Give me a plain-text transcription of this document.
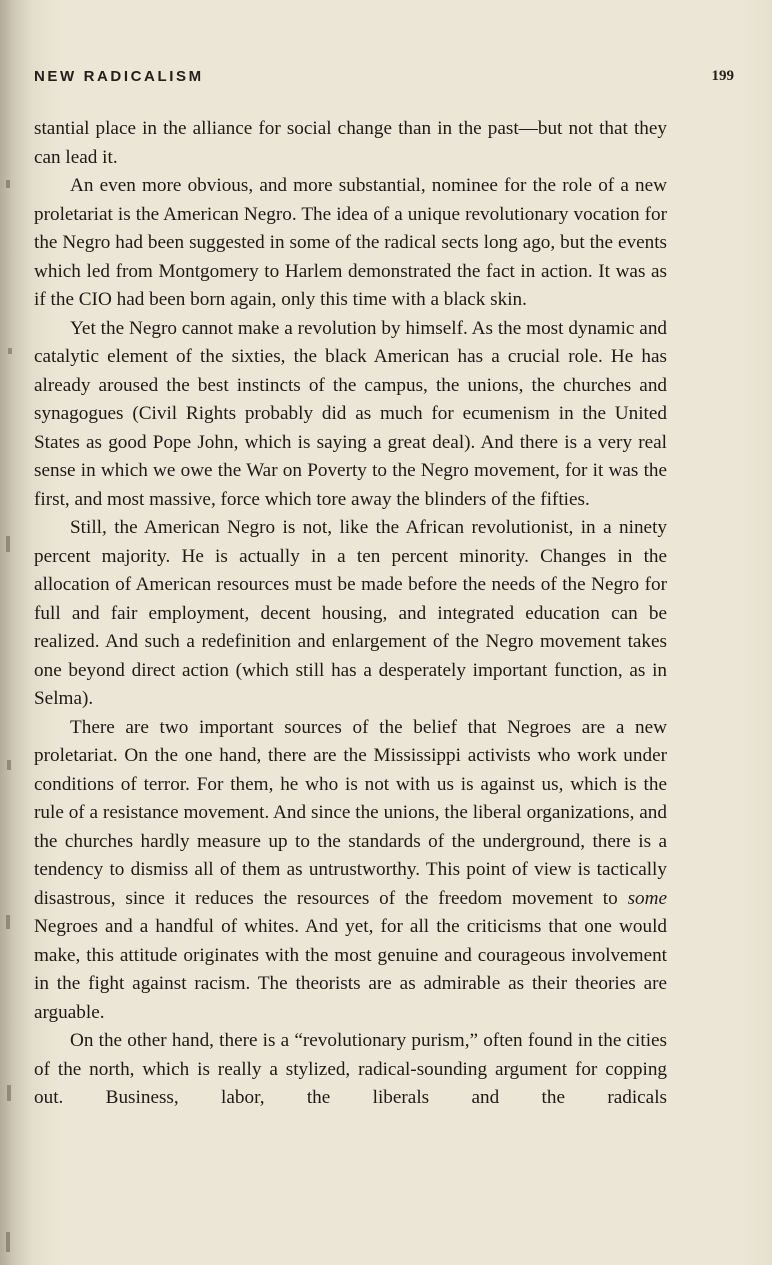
NEW RADICALISM	199

stantial place in the alliance for social change than in the past—but not that they can lead it.

An even more obvious, and more substantial, nominee for the role of a new proletariat is the American Negro. The idea of a unique revolutionary vocation for the Negro had been suggested in some of the radical sects long ago, but the events which led from Montgomery to Harlem demonstrated the fact in action. It was as if the CIO had been born again, only this time with a black skin.

Yet the Negro cannot make a revolution by himself. As the most dynamic and catalytic element of the sixties, the black American has a crucial role. He has already aroused the best instincts of the campus, the unions, the churches and synagogues (Civil Rights probably did as much for ecumenism in the United States as good Pope John, which is saying a great deal). And there is a very real sense in which we owe the War on Poverty to the Negro movement, for it was the first, and most massive, force which tore away the blinders of the fifties.

Still, the American Negro is not, like the African revolutionist, in a ninety percent majority. He is actually in a ten percent minority. Changes in the allocation of American resources must be made before the needs of the Negro for full and fair employment, decent housing, and integrated education can be realized. And such a redefinition and enlargement of the Negro movement takes one beyond direct action (which still has a desperately important function, as in Selma).

There are two important sources of the belief that Negroes are a new proletariat. On the one hand, there are the Mississippi activists who work under conditions of terror. For them, he who is not with us is against us, which is the rule of a resistance movement. And since the unions, the liberal organizations, and the churches hardly measure up to the standards of the underground, there is a tendency to dismiss all of them as untrustworthy. This point of view is tactically disastrous, since it reduces the resources of the freedom movement to some Negroes and a handful of whites. And yet, for all the criticisms that one would make, this attitude originates with the most genuine and courageous involvement in the fight against racism. The theorists are as admirable as their theories are arguable.

On the other hand, there is a “revolutionary purism,” often found in the cities of the north, which is really a stylized, radical-sounding argument for copping out. Business, labor, the liberals and the radicals
